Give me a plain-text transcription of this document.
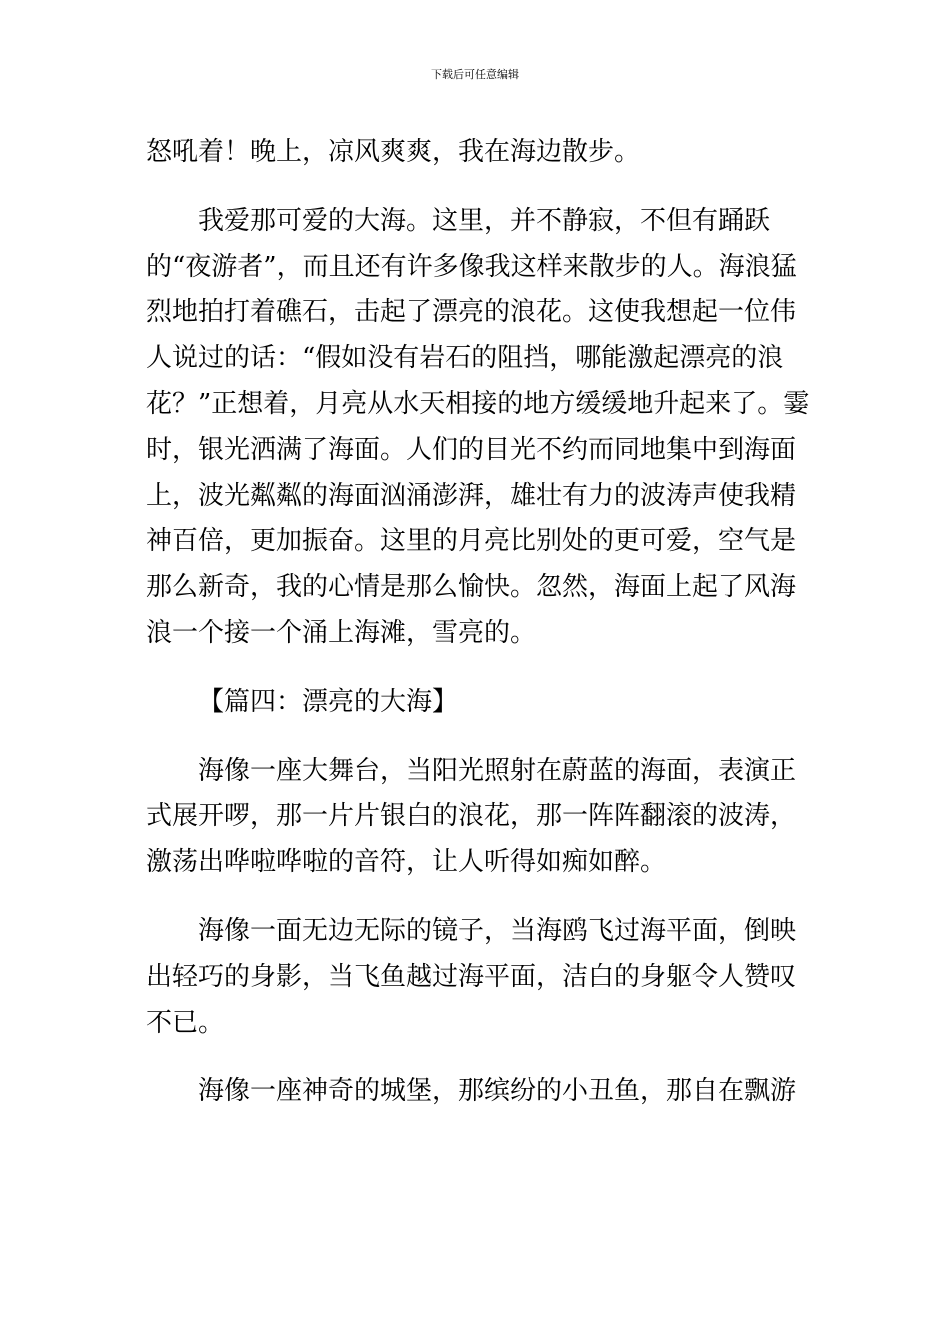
下载后可任意编辑

怒吼着！晚上，凉风爽爽，我在海边散步。

我爱那可爱的大海。这里，并不静寂，不但有踊跃的“夜游者”，而且还有许多像我这样来散步的人。海浪猛烈地拍打着礁石，击起了漂亮的浪花。这使我想起一位伟人说过的话：“假如没有岩石的阻挡，哪能激起漂亮的浪花？”正想着，月亮从水天相接的地方缓缓地升起来了。霎时，银光洒满了海面。人们的目光不约而同地集中到海面上，波光粼粼的海面汹涌澎湃，雄壮有力的波涛声使我精神百倍，更加振奋。这里的月亮比别处的更可爱，空气是那么新奇，我的心情是那么愉快。忽然，海面上起了风海浪一个接一个涌上海滩，雪亮的。

【篇四：漂亮的大海】

海像一座大舞台，当阳光照射在蔚蓝的海面，表演正式展开啰，那一片片银白的浪花，那一阵阵翻滚的波涛，激荡出哗啦哗啦的音符，让人听得如痴如醉。

海像一面无边无际的镜子，当海鸥飞过海平面，倒映出轻巧的身影，当飞鱼越过海平面，洁白的身躯令人赞叹不已。

海像一座神奇的城堡，那缤纷的小丑鱼，那自在飘游
